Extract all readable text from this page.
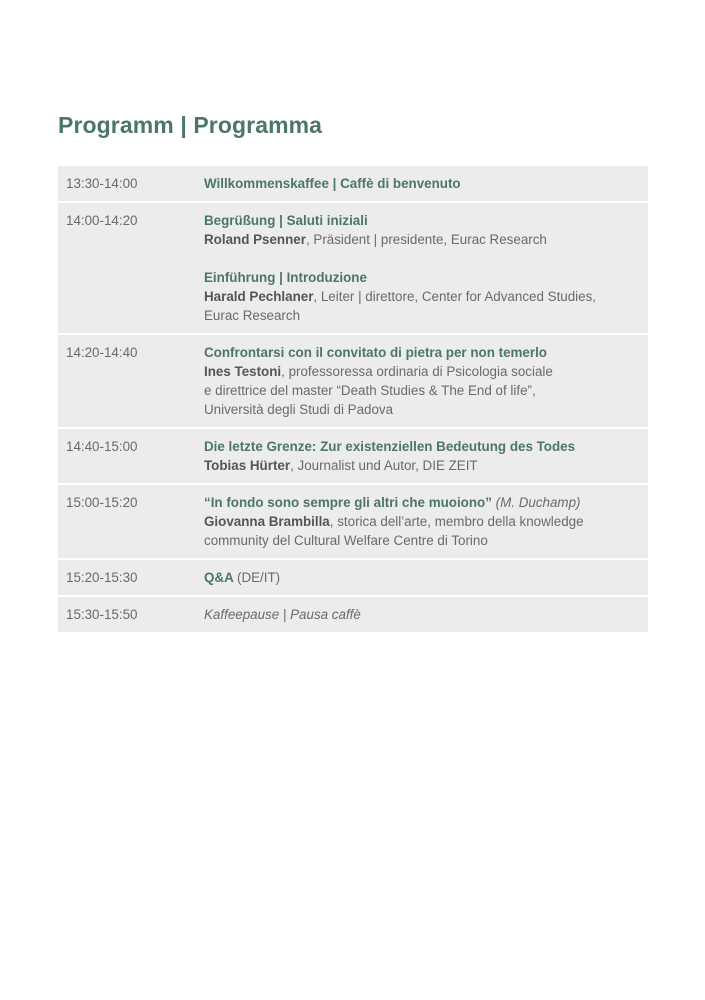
Programm | Programma
13:30-14:00	Willkommenskaffee | Caffè di benvenuto
14:00-14:20	Begrüßung | Saluti iniziali
Roland Psenner, Präsident | presidente, Eurac Research
Einführung | Introduzione
Harald Pechlaner, Leiter | direttore, Center for Advanced Studies,
Eurac Research
14:20-14:40	Confrontarsi con il convitato di pietra per non temerlo
Ines Testoni, professoressa ordinaria di Psicologia sociale
e direttrice del master “Death Studies & The End of life”,
Università degli Studi di Padova
14:40-15:00	Die letzte Grenze: Zur existenziellen Bedeutung des Todes
Tobias Hürter, Journalist und Autor, DIE ZEIT
15:00-15:20	“In fondo sono sempre gli altri che muoiono” (M. Duchamp)
Giovanna Brambilla, storica dell’arte, membro della knowledge
community del Cultural Welfare Centre di Torino
15:20-15:30	Q&A (DE/IT)
15:30-15:50	Kaffeepause | Pausa caffè
